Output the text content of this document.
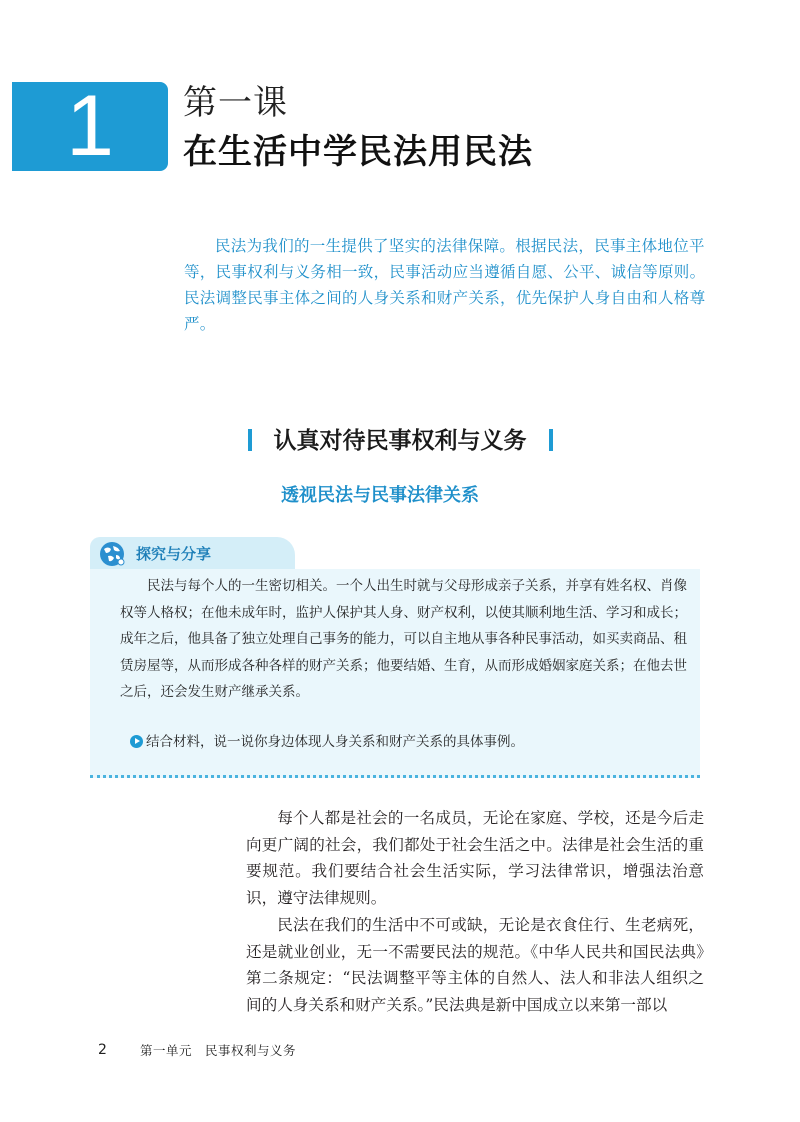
1	第一课
在生活中学民法用民法

民法为我们的一生提供了坚实的法律保障。根据民法，民事主体地位平等，民事权利与义务相一致，民事活动应当遵循自愿、公平、诚信等原则。民法调整民事主体之间的人身关系和财产关系，优先保护人身自由和人格尊严。

认真对待民事权利与义务
透视民法与民事法律关系
探究与分享

民法与每个人的一生密切相关。一个人出生时就与父母形成亲子关系，并享有姓名权、肖像权等人格权；在他未成年时，监护人保护其人身、财产权利，以使其顺利地生活、学习和成长；成年之后，他具备了独立处理自己事务的能力，可以自主地从事各种民事活动，如买卖商品、租赁房屋等，从而形成各种各样的财产关系；他要结婚、生育，从而形成婚姻家庭关系；在他去世之后，还会发生财产继承关系。

结合材料，说一说你身边体现人身关系和财产关系的具体事例。

每个人都是社会的一名成员，无论在家庭、学校，还是今后走向更广阔的社会，我们都处于社会生活之中。法律是社会生活的重要规范。我们要结合社会生活实际，学习法律常识，增强法治意识，遵守法律规则。

民法在我们的生活中不可或缺，无论是衣食住行、生老病死，还是就业创业，无一不需要民法的规范。《中华人民共和国民法典》第二条规定：“民法调整平等主体的自然人、法人和非法人组织之间的人身关系和财产关系。”民法典是新中国成立以来第一部以

2	第一单元　民事权利与义务
